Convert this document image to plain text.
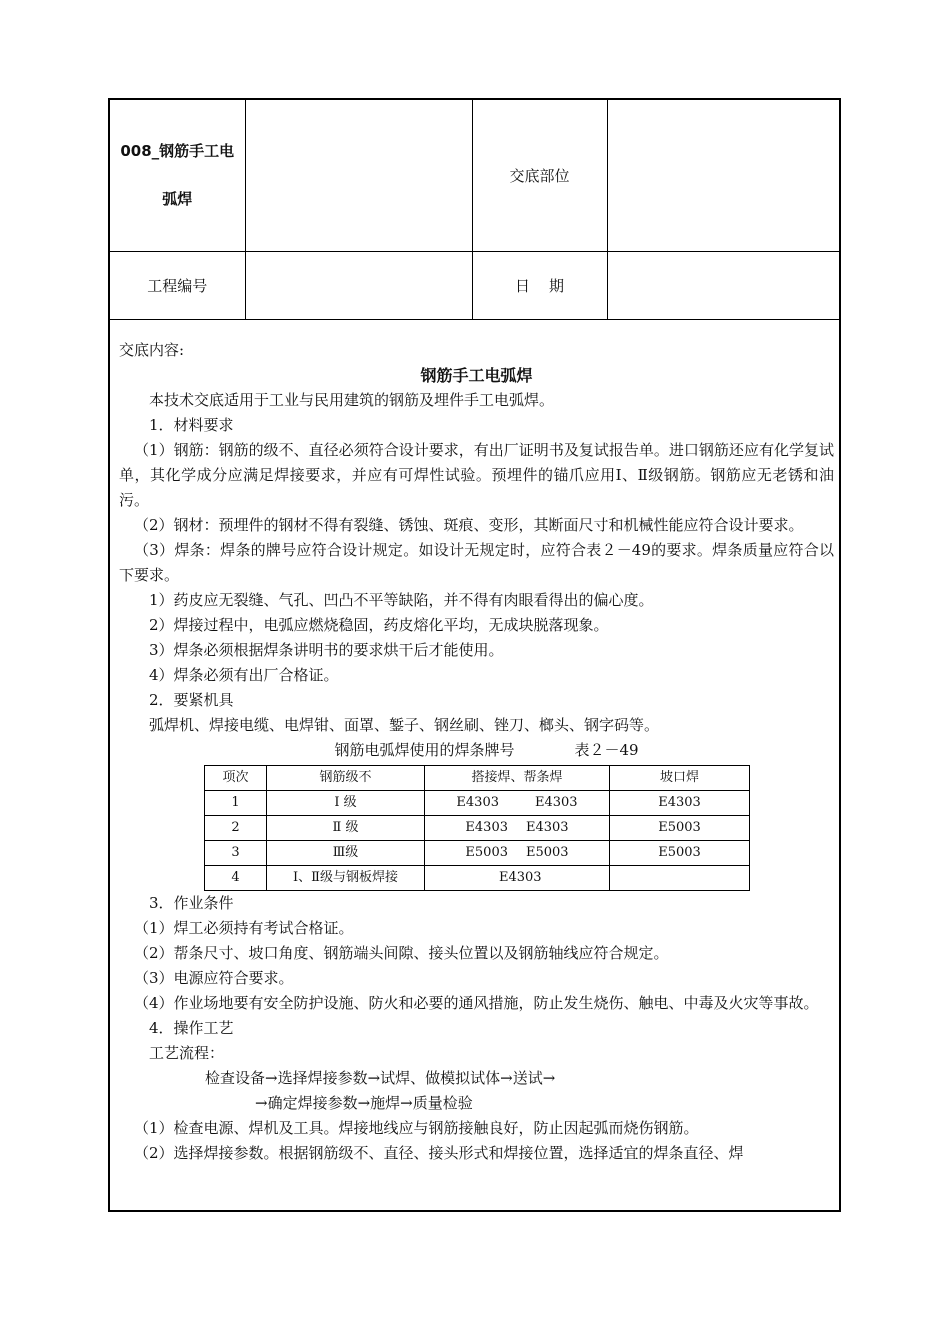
008_钢筋手工电弧焊		交底部位	
工程编号		日    期	

交底内容:

钢筋手工电弧焊

本技术交底适用于工业与民用建筑的钢筋及埋件手工电弧焊。

1．材料要求

（1）钢筋：钢筋的级不、直径必须符合设计要求，有出厂证明书及复试报告单。进口钢筋还应有化学复试单，其化学成分应满足焊接要求，并应有可焊性试验。预埋件的锚爪应用Ⅰ、Ⅱ级钢筋。钢筋应无老锈和油污。

（2）钢材：预埋件的钢材不得有裂缝、锈蚀、斑痕、变形，其断面尺寸和机械性能应符合设计要求。

（3）焊条：焊条的牌号应符合设计规定。如设计无规定时，应符合表２－49的要求。焊条质量应符合以下要求。

1）药皮应无裂缝、气孔、凹凸不平等缺陷，并不得有肉眼看得出的偏心度。

2）焊接过程中，电弧应燃烧稳固，药皮熔化平均，无成块脱落现象。

3）焊条必须根据焊条讲明书的要求烘干后才能使用。

4）焊条必须有出厂合格证。

2．要紧机具

弧焊机、焊接电缆、电焊钳、面罩、錾子、钢丝刷、锉刀、榔头、钢字码等。

钢筋电弧焊使用的焊条牌号	表２－49

项次	钢筋级不	搭接焊、帮条焊	坡口焊
1	Ⅰ 级	E4303 E4303	E4303
2	Ⅱ 级	E4303 E4303	E5003
3	Ⅲ级	E5003 E5003	E5003
4	Ⅰ、Ⅱ级与钢板焊接	E4303	

3．作业条件

（1）焊工必须持有考试合格证。

（2）帮条尺寸、坡口角度、钢筋端头间隙、接头位置以及钢筋轴线应符合规定。

（3）电源应符合要求。

（4）作业场地要有安全防护设施、防火和必要的通风措施，防止发生烧伤、触电、中毒及火灾等事故。

4．操作工艺

工艺流程：

检查设备→选择焊接参数→试焊、做模拟试体→送试→

→确定焊接参数→施焊→质量检验

（1）检查电源、焊机及工具。焊接地线应与钢筋接触良好，防止因起弧而烧伤钢筋。

（2）选择焊接参数。根据钢筋级不、直径、接头形式和焊接位置，选择适宜的焊条直径、焊
